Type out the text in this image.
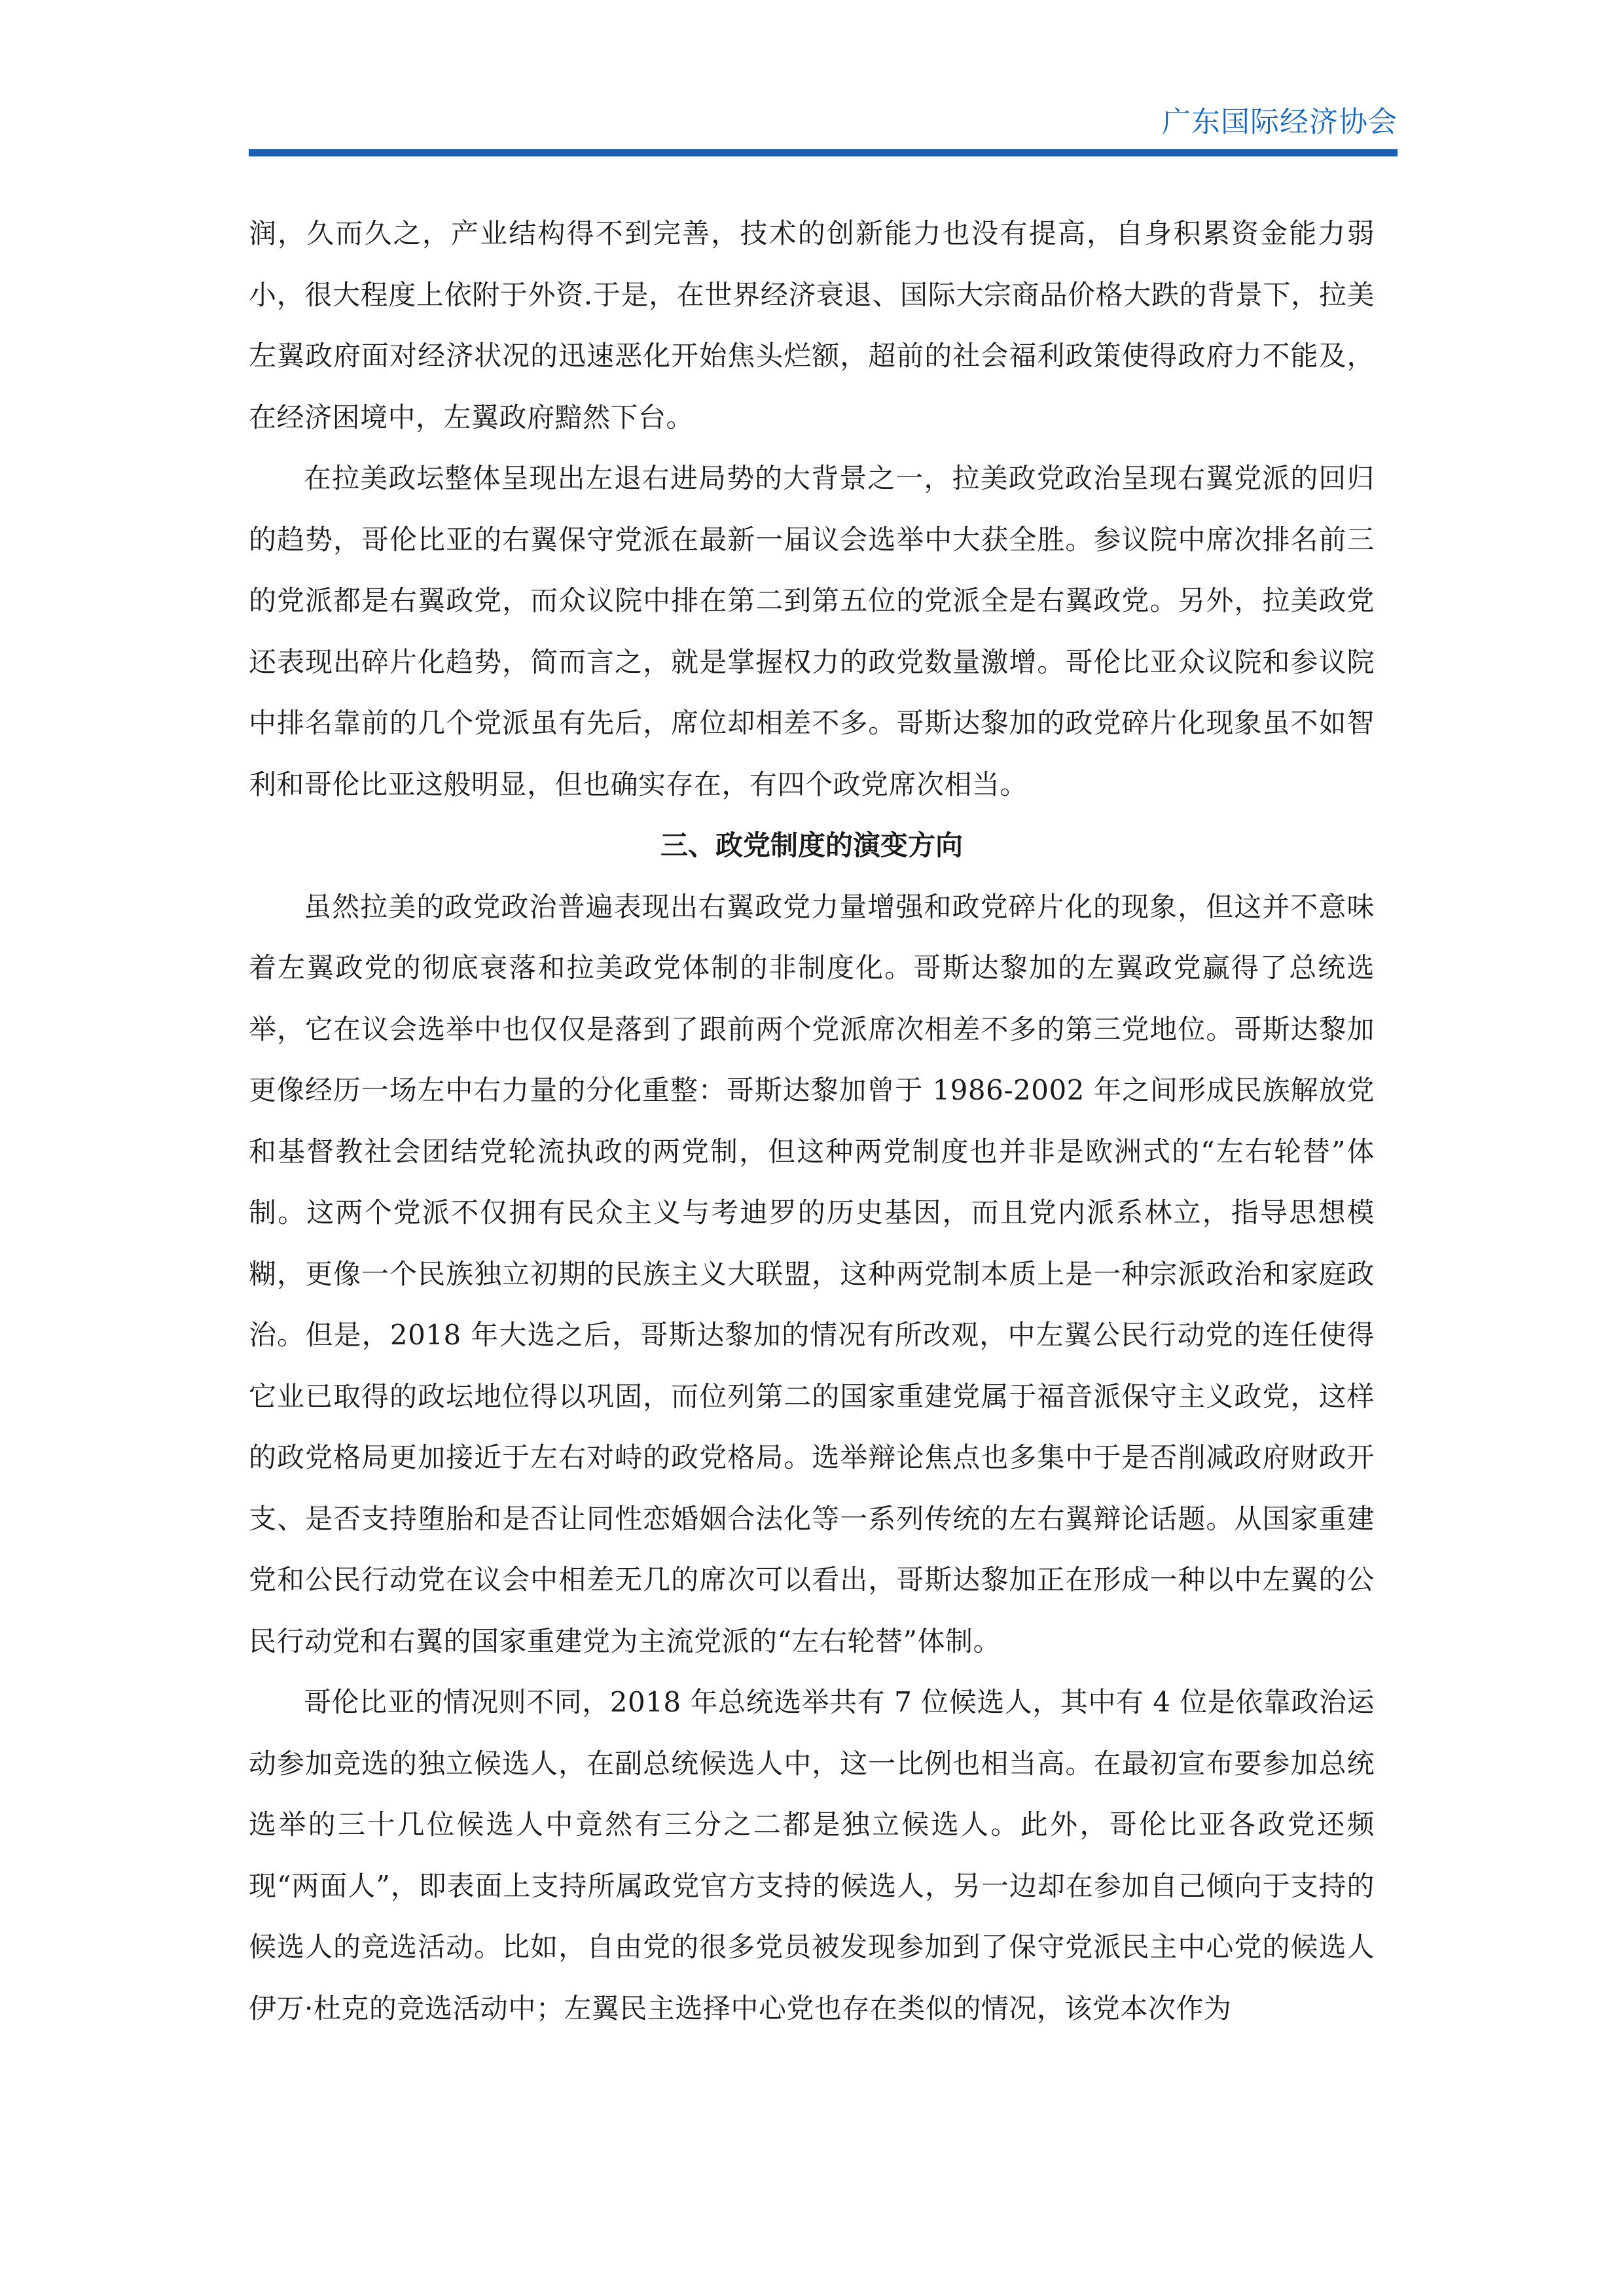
广东国际经济协会

润，久而久之，产业结构得不到完善，技术的创新能力也没有提高，自身积累资金能力弱小，很大程度上依附于外资.于是，在世界经济衰退、国际大宗商品价格大跌的背景下，拉美左翼政府面对经济状况的迅速恶化开始焦头烂额，超前的社会福利政策使得政府力不能及，在经济困境中，左翼政府黯然下台。

在拉美政坛整体呈现出左退右进局势的大背景之一，拉美政党政治呈现右翼党派的回归的趋势，哥伦比亚的右翼保守党派在最新一届议会选举中大获全胜。参议院中席次排名前三的党派都是右翼政党，而众议院中排在第二到第五位的党派全是右翼政党。另外，拉美政党还表现出碎片化趋势，简而言之，就是掌握权力的政党数量激增。哥伦比亚众议院和参议院中排名靠前的几个党派虽有先后，席位却相差不多。哥斯达黎加的政党碎片化现象虽不如智利和哥伦比亚这般明显，但也确实存在，有四个政党席次相当。

三、政党制度的演变方向

虽然拉美的政党政治普遍表现出右翼政党力量增强和政党碎片化的现象，但这并不意味着左翼政党的彻底衰落和拉美政党体制的非制度化。哥斯达黎加的左翼政党赢得了总统选举，它在议会选举中也仅仅是落到了跟前两个党派席次相差不多的第三党地位。哥斯达黎加更像经历一场左中右力量的分化重整：哥斯达黎加曾于 1986-2002 年之间形成民族解放党和基督教社会团结党轮流执政的两党制，但这种两党制度也并非是欧洲式的“左右轮替”体制。这两个党派不仅拥有民众主义与考迪罗的历史基因，而且党内派系林立，指导思想模糊，更像一个民族独立初期的民族主义大联盟，这种两党制本质上是一种宗派政治和家庭政治。但是，2018 年大选之后，哥斯达黎加的情况有所改观，中左翼公民行动党的连任使得它业已取得的政坛地位得以巩固，而位列第二的国家重建党属于福音派保守主义政党，这样的政党格局更加接近于左右对峙的政党格局。选举辩论焦点也多集中于是否削减政府财政开支、是否支持堕胎和是否让同性恋婚姻合法化等一系列传统的左右翼辩论话题。从国家重建党和公民行动党在议会中相差无几的席次可以看出，哥斯达黎加正在形成一种以中左翼的公民行动党和右翼的国家重建党为主流党派的“左右轮替”体制。

哥伦比亚的情况则不同，2018 年总统选举共有 7 位候选人，其中有 4 位是依靠政治运动参加竞选的独立候选人，在副总统候选人中，这一比例也相当高。在最初宣布要参加总统选举的三十几位候选人中竟然有三分之二都是独立候选人。此外，哥伦比亚各政党还频现“两面人”，即表面上支持所属政党官方支持的候选人，另一边却在参加自己倾向于支持的候选人的竞选活动。比如，自由党的很多党员被发现参加到了保守党派民主中心党的候选人伊万·杜克的竞选活动中；左翼民主选择中心党也存在类似的情况，该党本次作为
